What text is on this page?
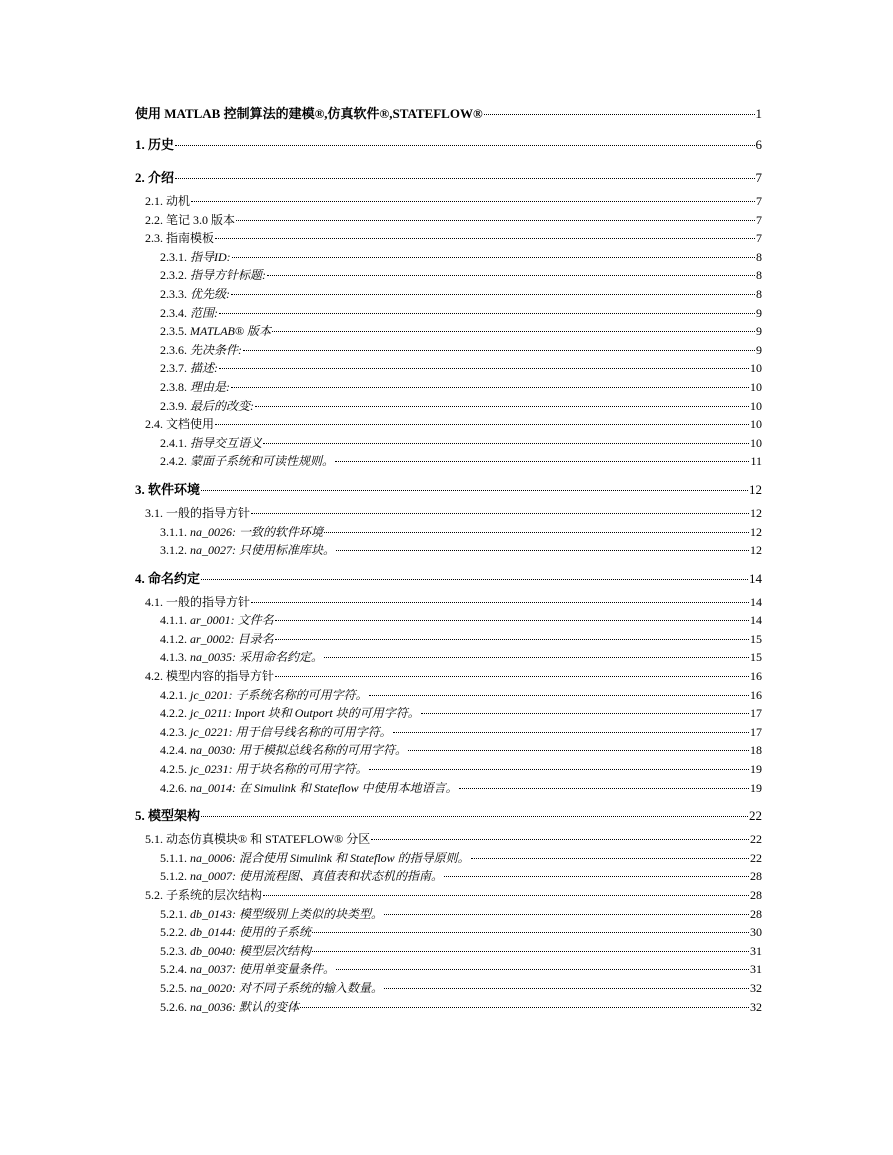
使用 MATLAB 控制算法的建模®,仿真软件®,STATEFLOW®	1
1. 历史	6
2. 介绍	7
2.1. 动机	7
2.2. 笔记 3.0 版本	7
2.3. 指南模板	7
2.3.1. 指导ID:	8
2.3.2. 指导方针标题:	8
2.3.3. 优先级:	8
2.3.4. 范围:	9
2.3.5. MATLAB® 版本	9
2.3.6. 先决条件:	9
2.3.7. 描述:	10
2.3.8. 理由是:	10
2.3.9. 最后的改变:	10
2.4. 文档使用	10
2.4.1. 指导交互语义	10
2.4.2. 蒙面子系统和可读性规则。	11
3. 软件环境	12
3.1. 一般的指导方针	12
3.1.1. na_0026: 一致的软件环境	12
3.1.2. na_0027: 只使用标准库块。	12
4. 命名约定	14
4.1. 一般的指导方针	14
4.1.1. ar_0001: 文件名	14
4.1.2. ar_0002: 目录名	15
4.1.3. na_0035: 采用命名约定。	15
4.2. 模型内容的指导方针	16
4.2.1. jc_0201: 子系统名称的可用字符。	16
4.2.2. jc_0211: Inport 块和 Outport 块的可用字符。	17
4.2.3. jc_0221: 用于信号线名称的可用字符。	17
4.2.4. na_0030: 用于模拟总线名称的可用字符。	18
4.2.5. jc_0231: 用于块名称的可用字符。	19
4.2.6. na_0014: 在 Simulink 和 Stateflow 中使用本地语言。	19
5. 模型架构	22
5.1. 动态仿真模块® 和 STATEFLOW® 分区	22
5.1.1. na_0006: 混合使用 Simulink 和 Stateflow 的指导原则。	22
5.1.2. na_0007: 使用流程图、真值表和状态机的指南。	28
5.2. 子系统的层次结构	28
5.2.1. db_0143: 模型级别上类似的块类型。	28
5.2.2. db_0144: 使用的子系统	30
5.2.3. db_0040: 模型层次结构	31
5.2.4. na_0037: 使用单变量条件。	31
5.2.5. na_0020: 对不同子系统的输入数量。	32
5.2.6. na_0036: 默认的变体	32
